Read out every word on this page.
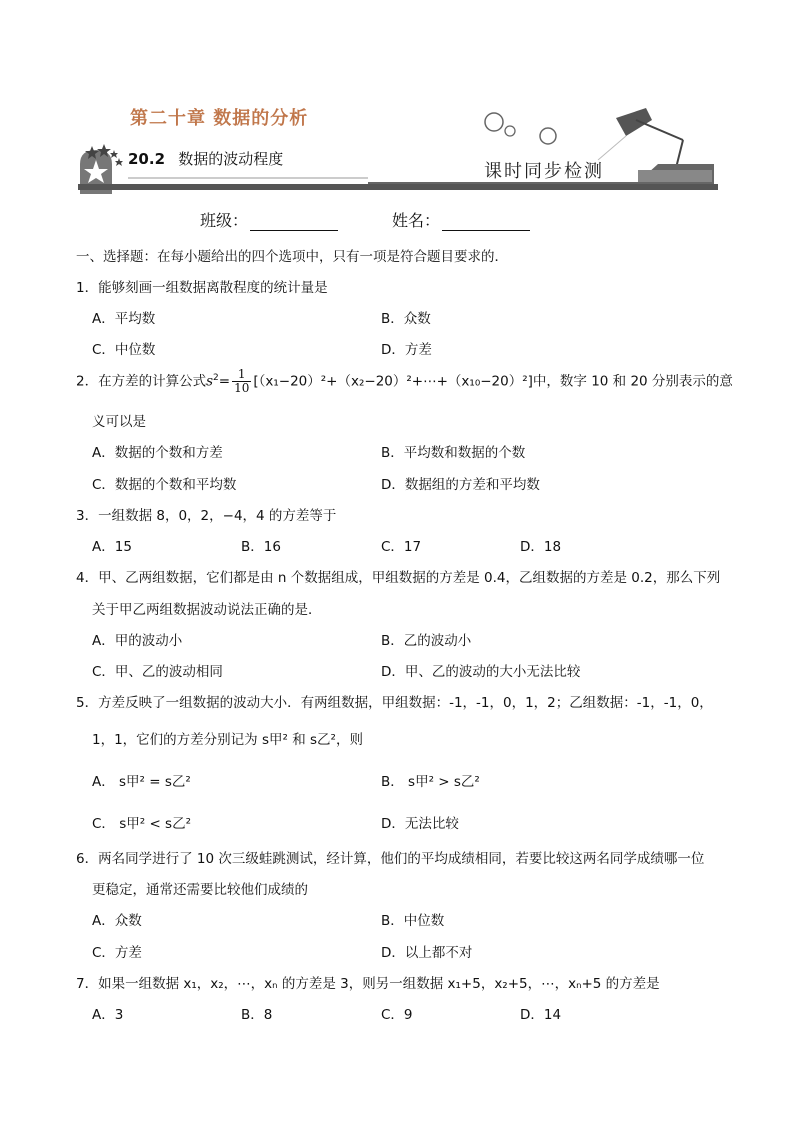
第二十章 数据的分析
20.2 数据的波动程度
课时同步检测
班级：	姓名：
一、选择题：在每小题给出的四个选项中，只有一项是符合题目要求的．
1．能够刻画一组数据离散程度的统计量是
A．平均数	B．众数
C．中位数	D．方差
2．在方差的计算公式$s^2= \frac{1}{10}$ [（x₁−20）²+（x₂−20）²+⋯+（x₁₀−20）²]中，数字 10 和 20 分别表示的意
义可以是
A．数据的个数和方差	B．平均数和数据的个数
C．数据的个数和平均数	D．数据组的方差和平均数
3．一组数据 8，0，2，−4，4 的方差等于
A．15	B．16	C．17	D．18
4．甲、乙两组数据，它们都是由 n 个数据组成，甲组数据的方差是 0.4，乙组数据的方差是 0.2，那么下列
关于甲乙两组数据波动说法正确的是．
A．甲的波动小	B．乙的波动小
C．甲、乙的波动相同	D．甲、乙的波动的大小无法比较
5．方差反映了一组数据的波动大小．有两组数据，甲组数据：-1，-1，0，1，2；乙组数据：-1，-1，0，
1，1，它们的方差分别记为 s甲² 和 s乙²，则
A． s甲² = s乙²	B． s甲² > s乙²
C． s甲² < s乙²	D．无法比较
6．两名同学进行了 10 次三级蛙跳测试，经计算，他们的平均成绩相同，若要比较这两名同学成绩哪一位
更稳定，通常还需要比较他们成绩的
A．众数	B．中位数
C．方差	D．以上都不对
7．如果一组数据 x₁，x₂，⋯，xₙ 的方差是 3，则另一组数据 x₁+5，x₂+5，⋯，xₙ+5 的方差是
A．3	B．8	C．9	D．14
